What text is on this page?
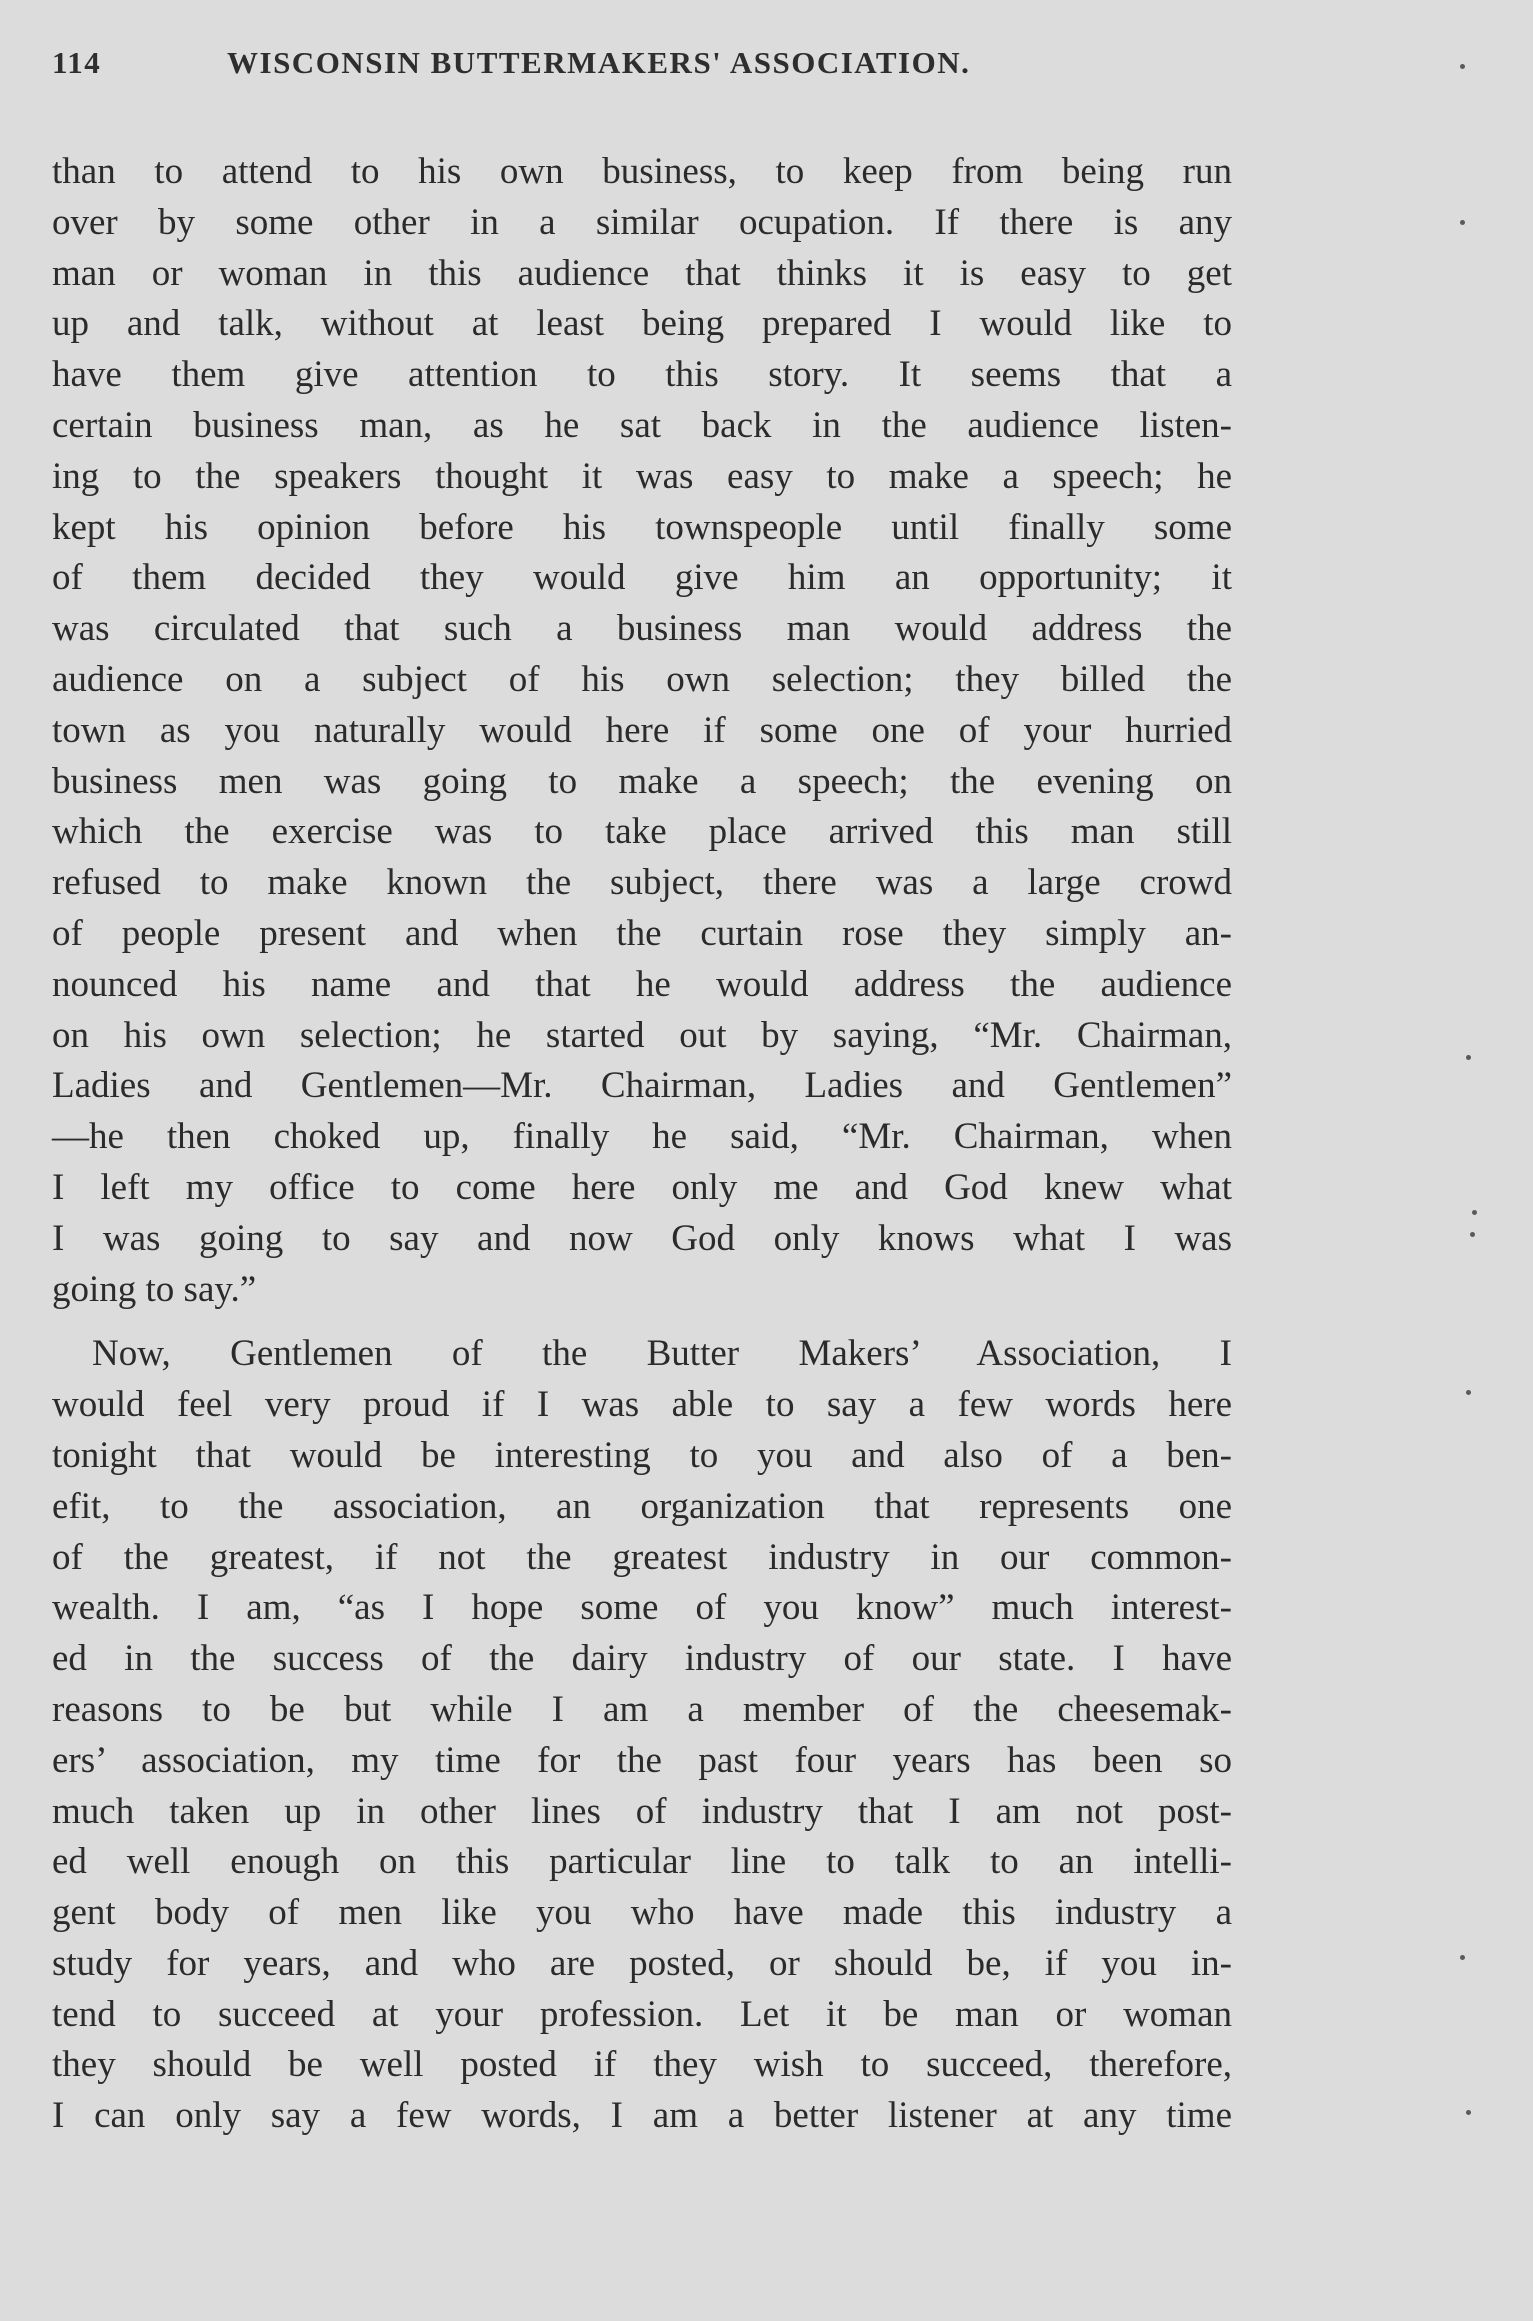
114	WISCONSIN BUTTERMAKERS' ASSOCIATION.
than to attend to his own business, to keep from being run
over by some other in a similar ocupation. If there is any
man or woman in this audience that thinks it is easy to get
up and talk, without at least being prepared I would like to
have them give attention to this story. It seems that a
certain business man, as he sat back in the audience listen-
ing to the speakers thought it was easy to make a speech; he
kept his opinion before his townspeople until finally some
of them decided they would give him an opportunity; it
was circulated that such a business man would address the
audience on a subject of his own selection; they billed the
town as you naturally would here if some one of your hurried
business men was going to make a speech; the evening on
which the exercise was to take place arrived this man still
refused to make known the subject, there was a large crowd
of people present and when the curtain rose they simply an-
nounced his name and that he would address the audience
on his own selection; he started out by saying, “Mr. Chairman,
Ladies and Gentlemen—Mr. Chairman, Ladies and Gentlemen”
—he then choked up, finally he said, “Mr. Chairman, when
I left my office to come here only me and God knew what
I was going to say and now God only knows what I was
going to say.”
Now, Gentlemen of the Butter Makers’ Association, I
would feel very proud if I was able to say a few words here
tonight that would be interesting to you and also of a ben-
efit, to the association, an organization that represents one
of the greatest, if not the greatest industry in our common-
wealth. I am, “as I hope some of you know” much interest-
ed in the success of the dairy industry of our state. I have
reasons to be but while I am a member of the cheesemak-
ers’ association, my time for the past four years has been so
much taken up in other lines of industry that I am not post-
ed well enough on this particular line to talk to an intelli-
gent body of men like you who have made this industry a
study for years, and who are posted, or should be, if you in-
tend to succeed at your profession. Let it be man or woman
they should be well posted if they wish to succeed, therefore,
I can only say a few words, I am a better listener at any time
